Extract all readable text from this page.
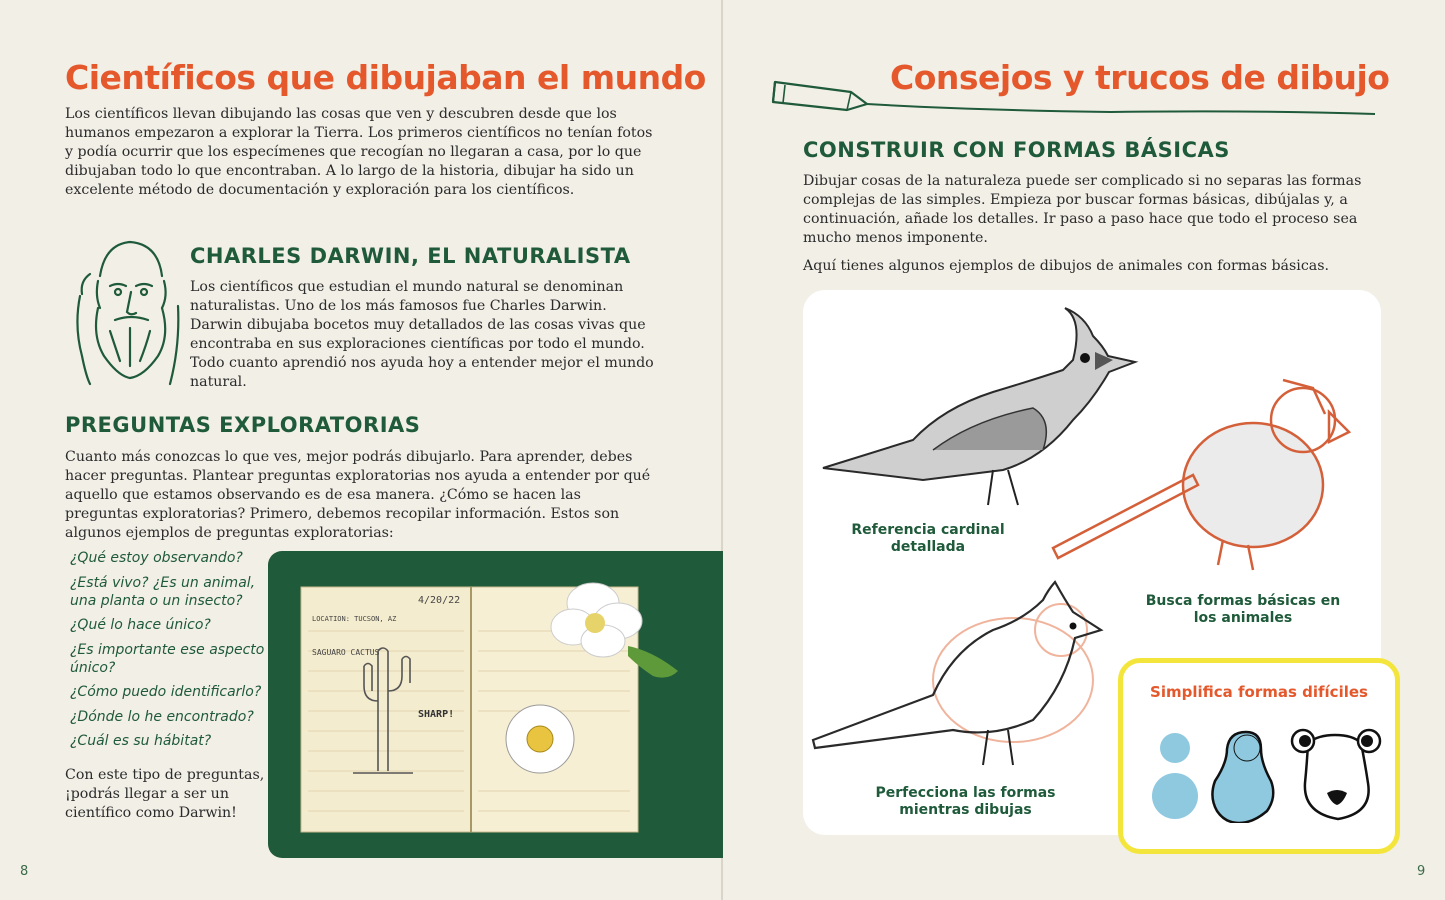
Científicos que dibujaban el mundo

Los científicos llevan dibujando las cosas que ven y descubren desde que los humanos empezaron a explorar la Tierra. Los primeros científicos no tenían fotos y podía ocurrir que los especímenes que recogían no llegaran a casa, por lo que dibujaban todo lo que encontraban. A lo largo de la historia, dibujar ha sido un excelente método de documentación y exploración para los científicos.

CHARLES DARWIN, EL NATURALISTA

Los científicos que estudian el mundo natural se denominan naturalistas. Uno de los más famosos fue Charles Darwin. Darwin dibujaba bocetos muy detallados de las cosas vivas que encontraba en sus exploraciones científicas por todo el mundo. Todo cuanto aprendió nos ayuda hoy a entender mejor el mundo natural.

PREGUNTAS EXPLORATORIAS

Cuanto más conozcas lo que ves, mejor podrás dibujarlo. Para aprender, debes hacer preguntas. Plantear preguntas exploratorias nos ayuda a entender por qué aquello que estamos observando es de esa manera. ¿Cómo se hacen las preguntas exploratorias? Primero, debemos recopilar información. Estos son algunos ejemplos de preguntas exploratorias:

¿Qué estoy observando?
¿Está vivo? ¿Es un animal, una planta o un insecto?
¿Qué lo hace único?
¿Es importante ese aspecto único?
¿Cómo puedo identificarlo?
¿Dónde lo he encontrado?
¿Cuál es su hábitat?

Con este tipo de preguntas, ¡podrás llegar a ser un científico como Darwin!

4/20/22
LOCATION: TUCSON, AZ
SAGUARO CACTUS
SHARP!
8
Consejos y trucos de dibujo
CONSTRUIR CON FORMAS BÁSICAS

Dibujar cosas de la naturaleza puede ser complicado si no separas las formas complejas de las simples. Empieza por buscar formas básicas, dibújalas y, a continuación, añade los detalles. Ir paso a paso hace que todo el proceso sea mucho menos imponente.

Aquí tienes algunos ejemplos de dibujos de animales con formas básicas.

Referencia cardinal detallada
Busca formas básicas en los animales
Perfecciona las formas mientras dibujas
Simplifica formas difíciles
9
